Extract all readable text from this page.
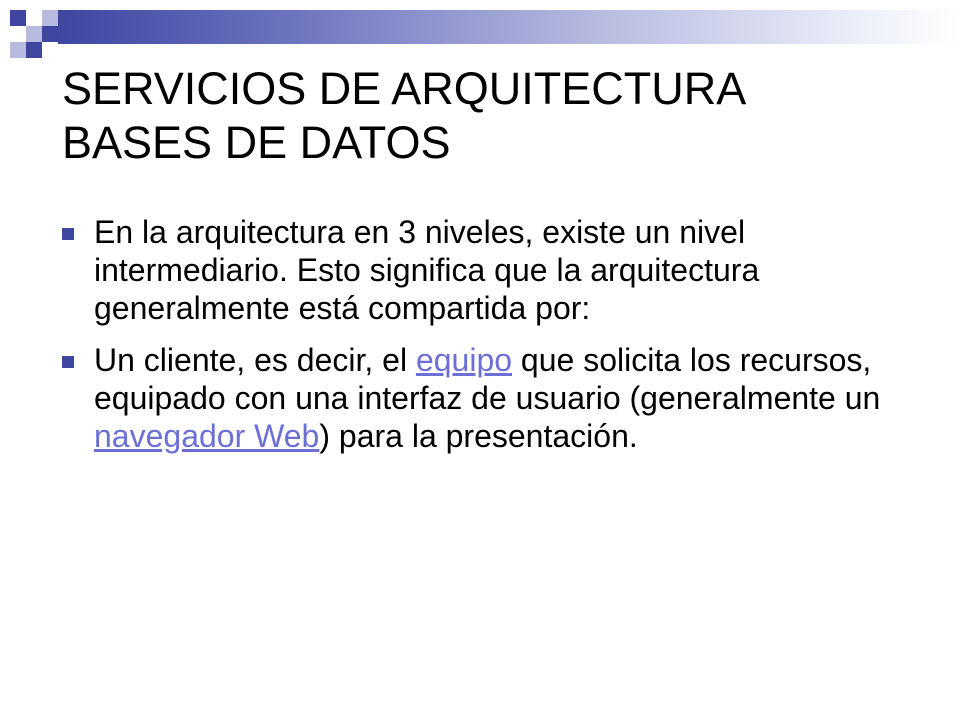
SERVICIOS DE ARQUITECTURA
BASES DE DATOS
En la arquitectura en 3 niveles, existe un nivel intermediario. Esto significa que la arquitectura generalmente está compartida por:
Un cliente, es decir, el equipo que solicita los recursos, equipado con una interfaz de usuario (generalmente un navegador Web) para la presentación.
